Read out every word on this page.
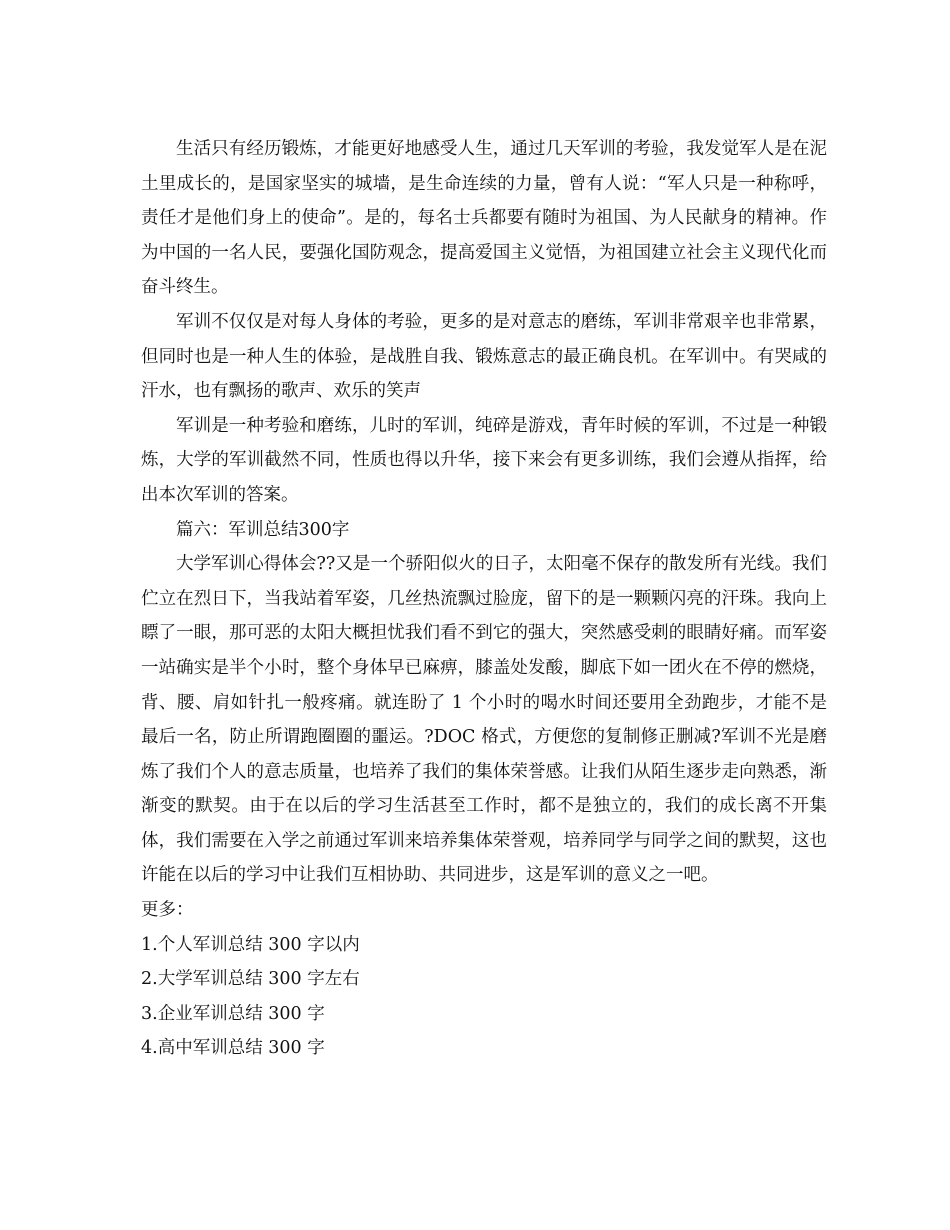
生活只有经历锻炼，才能更好地感受人生，通过几天军训的考验，我发觉军人是在泥土里成长的，是国家坚实的城墙，是生命连续的力量，曾有人说：“军人只是一种称呼，责任才是他们身上的使命”。是的，每名士兵都要有随时为祖国、为人民献身的精神。作为中国的一名人民，要强化国防观念，提高爱国主义觉悟，为祖国建立社会主义现代化而奋斗终生。

军训不仅仅是对每人身体的考验，更多的是对意志的磨练，军训非常艰辛也非常累，但同时也是一种人生的体验，是战胜自我、锻炼意志的最正确良机。在军训中。有哭咸的汗水，也有飘扬的歌声、欢乐的笑声

军训是一种考验和磨练，儿时的军训，纯碎是游戏，青年时候的军训，不过是一种锻炼，大学的军训截然不同，性质也得以升华，接下来会有更多训练，我们会遵从指挥，给出本次军训的答案。

篇六：军训总结300字

大学军训心得体会??又是一个骄阳似火的日子，太阳毫不保存的散发所有光线。我们伫立在烈日下，当我站着军姿，几丝热流飘过脸庞，留下的是一颗颗闪亮的汗珠。我向上瞟了一眼，那可恶的太阳大概担忧我们看不到它的强大，突然感受刺的眼睛好痛。而军姿一站确实是半个小时，整个身体早已麻痹，膝盖处发酸，脚底下如一团火在不停的燃烧，背、腰、肩如针扎一般疼痛。就连盼了 1 个小时的喝水时间还要用全劲跑步，才能不是最后一名，防止所谓跑圈圈的噩运。?DOC 格式，方便您的复制修正删减?军训不光是磨炼了我们个人的意志质量，也培养了我们的集体荣誉感。让我们从陌生逐步走向熟悉，渐渐变的默契。由于在以后的学习生活甚至工作时，都不是独立的，我们的成长离不开集体，我们需要在入学之前通过军训来培养集体荣誉观，培养同学与同学之间的默契，这也许能在以后的学习中让我们互相协助、共同进步，这是军训的意义之一吧。

更多：

1.个人军训总结 300 字以内

2.大学军训总结 300 字左右

3.企业军训总结 300 字

4.高中军训总结 300 字
